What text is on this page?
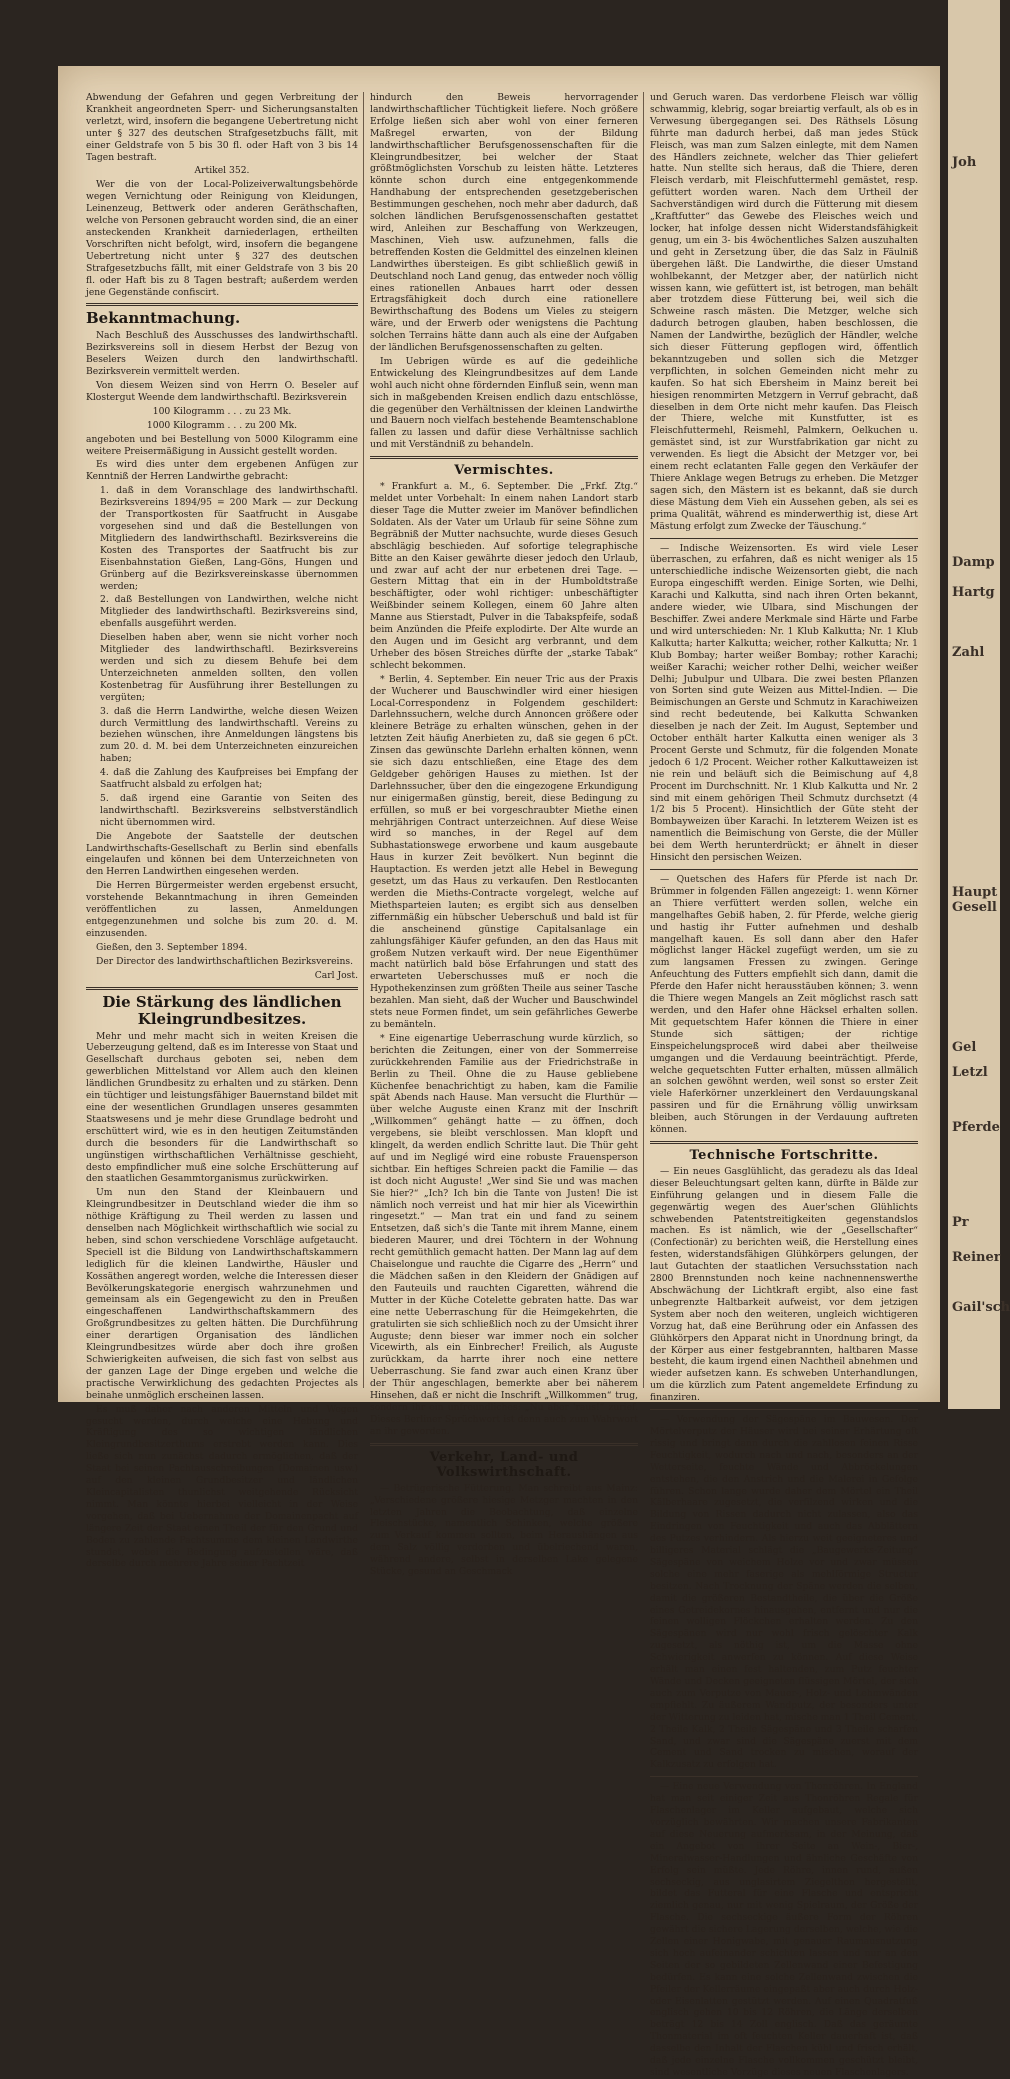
Abwendung der Gefahren und gegen Verbreitung der Krankheit angeordneten Sperr- und Sicherungsanstalten verletzt, wird, insofern die begangene Uebertretung nicht unter § 327 des deutschen Strafgesetzbuchs fällt, mit einer Geldstrafe von 5 bis 30 fl. oder Haft von 3 bis 14 Tagen bestraft.

Artikel 352.

Wer die von der Local-Polizeiverwaltungsbehörde wegen Vernichtung oder Reinigung von Kleidungen, Leinenzeug, Bettwerk oder anderen Geräthschaften, welche von Personen gebraucht worden sind, die an einer ansteckenden Krankheit darniederlagen, ertheilten Vorschriften nicht befolgt, wird, insofern die begangene Uebertretung nicht unter § 327 des deutschen Strafgesetzbuchs fällt, mit einer Geldstrafe von 3 bis 20 fl. oder Haft bis zu 8 Tagen bestraft; außerdem werden jene Gegenstände confiscirt.

Bekanntmachung.

Nach Beschluß des Ausschusses des landwirthschaftl. Bezirksvereins soll in diesem Herbst der Bezug von Beselers Weizen durch den landwirthschaftl. Bezirksverein vermittelt werden.

Von diesem Weizen sind von Herrn O. Beseler auf Klostergut Weende dem landwirthschaftl. Bezirksverein

100 Kilogramm . . . zu 23 Mk.

1000 Kilogramm . . . zu 200 Mk.

angeboten und bei Bestellung von 5000 Kilogramm eine weitere Preisermäßigung in Aussicht gestellt worden.

Es wird dies unter dem ergebenen Anfügen zur Kenntniß der Herren Landwirthe gebracht:

1. daß in dem Voranschlage des landwirthschaftl. Bezirksvereins 1894/95 = 200 Mark — zur Deckung der Transportkosten für Saatfrucht in Ausgabe vorgesehen sind und daß die Bestellungen von Mitgliedern des landwirthschaftl. Bezirksvereins die Kosten des Transportes der Saatfrucht bis zur Eisenbahnstation Gießen, Lang-Göns, Hungen und Grünberg auf die Bezirksvereinskasse übernommen werden;

2. daß Bestellungen von Landwirthen, welche nicht Mitglieder des landwirthschaftl. Bezirksvereins sind, ebenfalls ausgeführt werden.

Dieselben haben aber, wenn sie nicht vorher noch Mitglieder des landwirthschaftl. Bezirksvereins werden und sich zu diesem Behufe bei dem Unterzeichneten anmelden sollten, den vollen Kostenbetrag für Ausführung ihrer Bestellungen zu vergüten;

3. daß die Herrn Landwirthe, welche diesen Weizen durch Vermittlung des landwirthschaftl. Vereins zu beziehen wünschen, ihre Anmeldungen längstens bis zum 20. d. M. bei dem Unterzeichneten einzureichen haben;

4. daß die Zahlung des Kaufpreises bei Empfang der Saatfrucht alsbald zu erfolgen hat;

5. daß irgend eine Garantie von Seiten des landwirthschaftl. Bezirksvereins selbstverständlich nicht übernommen wird.

Die Angebote der Saatstelle der deutschen Landwirthschafts-Gesellschaft zu Berlin sind ebenfalls eingelaufen und können bei dem Unterzeichneten von den Herren Landwirthen eingesehen werden.

Die Herren Bürgermeister werden ergebenst ersucht, vorstehende Bekanntmachung in ihren Gemeinden veröffentlichen zu lassen, Anmeldungen entgegenzunehmen und solche bis zum 20. d. M. einzusenden.

Gießen, den 3. September 1894.

Der Director des landwirthschaftlichen Bezirksvereins.

Carl Jost.

Die Stärkung des ländlichen Kleingrundbesitzes.

Mehr und mehr macht sich in weiten Kreisen die Ueberzeugung geltend, daß es im Interesse von Staat und Gesellschaft durchaus geboten sei, neben dem gewerblichen Mittelstand vor Allem auch den kleinen ländlichen Grundbesitz zu erhalten und zu stärken. Denn ein tüchtiger und leistungsfähiger Bauernstand bildet mit eine der wesentlichen Grundlagen unseres gesammten Staatswesens und je mehr diese Grundlage bedroht und erschüttert wird, wie es in den heutigen Zeitumständen durch die besonders für die Landwirthschaft so ungünstigen wirthschaftlichen Verhältnisse geschieht, desto empfindlicher muß eine solche Erschütterung auf den staatlichen Gesammtorganismus zurückwirken.

Um nun den Stand der Kleinbauern und Kleingrundbesitzer in Deutschland wieder die ihm so nöthige Kräftigung zu Theil werden zu lassen und denselben nach Möglichkeit wirthschaftlich wie social zu heben, sind schon verschiedene Vorschläge aufgetaucht. Speciell ist die Bildung von Landwirthschaftskammern lediglich für die kleinen Landwirthe, Häusler und Kossäthen angeregt worden, welche die Interessen dieser Bevölkerungskategorie energisch wahrzunehmen und gemeinsam als ein Gegengewicht zu den in Preußen eingeschaffenen Landwirthschaftskammern des Großgrundbesitzes zu gelten hätten. Die Durchführung einer derartigen Organisation des ländlichen Kleingrundbesitzes würde aber doch ihre großen Schwierigkeiten aufweisen, die sich fast von selbst aus der ganzen Lage der Dinge ergeben und welche die practische Verwirklichung des gedachten Projectes als beinahe unmöglich erscheinen lassen.

Es muß daher nach anderen Mitteln und Wegen gesucht werden, durch welche eine Hebung und Kräftigung des so wichtigen ländlichen Kleingrundbesitzerthums erstrebt werden kann. Dies ließe sich nun zunächst dadurch ermöglichen, daß der Staat bei seinen Pachtausschreibungen (Domainen usw.) auf den kleinen Grundbesitzer und ländlichen Kleincapitalisten thunlichst weitgehende Rücksicht nimmt. Man könnte hierbei vielleicht in der Weise vorgehen, daß bei Uebernahme der Domainenpacht auf längere Zeit der Staat einen Theil der für den Grund und Boden zu zahlende Pachtsumme dem kleinen Landwirthe stundet, wobei die Bedingung aufzustellen wäre, daß derselbe durch mehrere Jahre seiner Pachtzeit

hindurch den Beweis hervorragender landwirthschaftlicher Tüchtigkeit liefere. Noch größere Erfolge ließen sich aber wohl von einer ferneren Maßregel erwarten, von der Bildung landwirthschaftlicher Berufsgenossenschaften für die Kleingrundbesitzer, bei welcher der Staat größtmöglichsten Vorschub zu leisten hätte. Letzteres könnte schon durch eine entgegenkommende Handhabung der entsprechenden gesetzgeberischen Bestimmungen geschehen, noch mehr aber dadurch, daß solchen ländlichen Berufsgenossenschaften gestattet wird, Anleihen zur Beschaffung von Werkzeugen, Maschinen, Vieh usw. aufzunehmen, falls die betreffenden Kosten die Geldmittel des einzelnen kleinen Landwirthes übersteigen. Es gibt schließlich gewiß in Deutschland noch Land genug, das entweder noch völlig eines rationellen Anbaues harrt oder dessen Ertragsfähigkeit doch durch eine rationellere Bewirthschaftung des Bodens um Vieles zu steigern wäre, und der Erwerb oder wenigstens die Pachtung solchen Terrains hätte dann auch als eine der Aufgaben der ländlichen Berufsgenossenschaften zu gelten.

Im Uebrigen würde es auf die gedeihliche Entwickelung des Kleingrundbesitzes auf dem Lande wohl auch nicht ohne fördernden Einfluß sein, wenn man sich in maßgebenden Kreisen endlich dazu entschlösse, die gegenüber den Verhältnissen der kleinen Landwirthe und Bauern noch vielfach bestehende Beamtenschablone fallen zu lassen und dafür diese Verhältnisse sachlich und mit Verständniß zu behandeln.

Vermischtes.

* Frankfurt a. M., 6. September. Die „Frkf. Ztg.“ meldet unter Vorbehalt: In einem nahen Landort starb dieser Tage die Mutter zweier im Manöver befindlichen Soldaten. Als der Vater um Urlaub für seine Söhne zum Begräbniß der Mutter nachsuchte, wurde dieses Gesuch abschlägig beschieden. Auf sofortige telegraphische Bitte an den Kaiser gewährte dieser jedoch den Urlaub, und zwar auf acht der nur erbetenen drei Tage. — Gestern Mittag that ein in der Humboldtstraße beschäftigter, oder wohl richtiger: unbeschäftigter Weißbinder seinem Kollegen, einem 60 Jahre alten Manne aus Stierstadt, Pulver in die Tabakspfeife, sodaß beim Anzünden die Pfeife explodirte. Der Alte wurde an den Augen und im Gesicht arg verbrannt, und dem Urheber des bösen Streiches dürfte der „starke Tabak“ schlecht bekommen.

* Berlin, 4. September. Ein neuer Tric aus der Praxis der Wucherer und Bauschwindler wird einer hiesigen Local-Correspondenz in Folgendem geschildert: Darlehnssuchern, welche durch Annoncen größere oder kleinere Beträge zu erhalten wünschen, gehen in der letzten Zeit häufig Anerbieten zu, daß sie gegen 6 pCt. Zinsen das gewünschte Darlehn erhalten können, wenn sie sich dazu entschließen, eine Etage des dem Geldgeber gehörigen Hauses zu miethen. Ist der Darlehnssucher, über den die eingezogene Erkundigung nur einigermaßen günstig, bereit, diese Bedingung zu erfüllen, so muß er bei vorgeschraubter Miethe einen mehrjährigen Contract unterzeichnen. Auf diese Weise wird so manches, in der Regel auf dem Subhastationswege erworbene und kaum ausgebaute Haus in kurzer Zeit bevölkert. Nun beginnt die Hauptaction. Es werden jetzt alle Hebel in Bewegung gesetzt, um das Haus zu verkaufen. Den Restlocanten werden die Mieths-Contracte vorgelegt, welche auf Miethsparteien lauten; es ergibt sich aus denselben ziffernmäßig ein hübscher Ueberschuß und bald ist für die anscheinend günstige Capitalsanlage ein zahlungsfähiger Käufer gefunden, an den das Haus mit großem Nutzen verkauft wird. Der neue Eigenthümer macht natürlich bald böse Erfahrungen und statt des erwarteten Ueberschusses muß er noch die Hypothekenzinsen zum größten Theile aus seiner Tasche bezahlen. Man sieht, daß der Wucher und Bauschwindel stets neue Formen findet, um sein gefährliches Gewerbe zu bemänteln.

* Eine eigenartige Ueberraschung wurde kürzlich, so berichten die Zeitungen, einer von der Sommerreise zurückkehrenden Familie aus der Friedrichstraße in Berlin zu Theil. Ohne die zu Hause gebliebene Küchenfee benachrichtigt zu haben, kam die Familie spät Abends nach Hause. Man versucht die Flurthür — über welche Auguste einen Kranz mit der Inschrift „Willkommen“ gehängt hatte — zu öffnen, doch vergebens, sie bleibt verschlossen. Man klopft und klingelt, da werden endlich Schritte laut. Die Thür geht auf und im Negligé wird eine robuste Frauensperson sichtbar. Ein heftiges Schreien packt die Familie — das ist doch nicht Auguste! „Wer sind Sie und was machen Sie hier?“ „Ich? Ich bin die Tante von Justen! Die ist nämlich noch verreist und hat mir hier als Vicewirthin ringesetzt.“ — Man trat ein und fand zu seinem Entsetzen, daß sich's die Tante mit ihrem Manne, einem biederen Maurer, und drei Töchtern in der Wohnung recht gemüthlich gemacht hatten. Der Mann lag auf dem Chaiselongue und rauchte die Cigarre des „Herrn“ und die Mädchen saßen in den Kleidern der Gnädigen auf den Fauteuils und rauchten Cigaretten, während die Mutter in der Küche Cotelette gebraten hatte. Das war eine nette Ueberraschung für die Heimgekehrten, die gratulirten sie sich schließlich noch zu der Umsicht ihrer Auguste; denn bieser war immer noch ein solcher Vicewirth, als ein Einbrecher! Freilich, als Auguste zurückkam, da harrte ihrer noch eine nettere Ueberraschung. Sie fand zwar auch einen Kranz über der Thür angeschlagen, bemerkte aber bei näherem Hinsehen, daß er nicht die Inschrift „Willkommen“ trug, sondern ihr ein unfreundliches: „Nu aber 'raus!“ zurief. Dieses Berliner Sprüchwort ist denn auch zum Wahrwort an ihr geworden.

Verkehr, Land- und Volkswirthschaft.

— Betrügerische Fütterung. Man schreibt aus Mainz: „Verschiedene größere hiesige Metzger machten in den letzten Jahren die Beobachtung, daß einzelne Fleischstücke, namentlich Schinken, welche größere zum Verkauf kommen sollten, beim Heraushängen aus dem Salz völlig verdorben und übelriechend waren, während andere, selbst in derselben Lake gelegene Stücke, gesund an Geschmack

und Geruch waren. Das verdorbene Fleisch war völlig schwammig, klebrig, sogar breiartig verfault, als ob es in Verwesung übergegangen sei. Des Räthsels Lösung führte man dadurch herbei, daß man jedes Stück Fleisch, was man zum Salzen einlegte, mit dem Namen des Händlers zeichnete, welcher das Thier geliefert hatte. Nun stellte sich heraus, daß die Thiere, deren Fleisch verdarb, mit Fleischfuttermehl gemästet, resp. gefüttert worden waren. Nach dem Urtheil der Sachverständigen wird durch die Fütterung mit diesem „Kraftfutter“ das Gewebe des Fleisches weich und locker, hat infolge dessen nicht Widerstandsfähigkeit genug, um ein 3- bis 4wöchentliches Salzen auszuhalten und geht in Zersetzung über, die das Salz in Fäulniß übergehen läßt. Die Landwirthe, die dieser Umstand wohlbekannt, der Metzger aber, der natürlich nicht wissen kann, wie gefüttert ist, ist betrogen, man behält aber trotzdem diese Fütterung bei, weil sich die Schweine rasch mästen. Die Metzger, welche sich dadurch betrogen glauben, haben beschlossen, die Namen der Landwirthe, bezüglich der Händler, welche sich dieser Fütterung gepflogen wird, öffentlich bekanntzugeben und sollen sich die Metzger verpflichten, in solchen Gemeinden nicht mehr zu kaufen. So hat sich Ebersheim in Mainz bereit bei hiesigen renommirten Metzgern in Verruf gebracht, daß dieselben in dem Orte nicht mehr kaufen. Das Fleisch der Thiere, welche mit Kunstfutter, ist es Fleischfuttermehl, Reismehl, Palmkern, Oelkuchen u. gemästet sind, ist zur Wurstfabrikation gar nicht zu verwenden. Es liegt die Absicht der Metzger vor, bei einem recht eclatanten Falle gegen den Verkäufer der Thiere Anklage wegen Betrugs zu erheben. Die Metzger sagen sich, den Mästern ist es bekannt, daß sie durch diese Mästung dem Vieh ein Aussehen geben, als sei es prima Qualität, während es minderwerthig ist, diese Art Mästung erfolgt zum Zwecke der Täuschung.“

— Indische Weizensorten. Es wird viele Leser überraschen, zu erfahren, daß es nicht weniger als 15 unterschiedliche indische Weizensorten giebt, die nach Europa eingeschifft werden. Einige Sorten, wie Delhi, Karachi und Kalkutta, sind nach ihren Orten bekannt, andere wieder, wie Ulbara, sind Mischungen der Beschiffer. Zwei andere Merkmale sind Härte und Farbe und wird unterschieden: Nr. 1 Klub Kalkutta; Nr. 1 Klub Kalkutta; harter Kalkutta; weicher, rother Kalkutta; Nr. 1 Klub Bombay; harter weißer Bombay; rother Karachi; weißer Karachi; weicher rother Delhi, weicher weißer Delhi; Jubulpur und Ulbara. Die zwei besten Pflanzen von Sorten sind gute Weizen aus Mittel-Indien. — Die Beimischungen an Gerste und Schmutz in Karachiweizen sind recht bedeutende, bei Kalkutta Schwanken dieselben je nach der Zeit. Im August, September und October enthält harter Kalkutta einen weniger als 3 Procent Gerste und Schmutz, für die folgenden Monate jedoch 6 1/2 Procent. Weicher rother Kalkuttaweizen ist nie rein und beläuft sich die Beimischung auf 4,8 Procent im Durchschnitt. Nr. 1 Klub Kalkutta und Nr. 2 sind mit einem gehörigen Theil Schmutz durchsetzt (4 1/2 bis 5 Procent). Hinsichtlich der Güte steht der Bombayweizen über Karachi. In letzterem Weizen ist es namentlich die Beimischung von Gerste, die der Müller bei dem Werth herunterdrückt; er ähnelt in dieser Hinsicht den persischen Weizen.

— Quetschen des Hafers für Pferde ist nach Dr. Brümmer in folgenden Fällen angezeigt: 1. wenn Körner an Thiere verfüttert werden sollen, welche ein mangelhaftes Gebiß haben, 2. für Pferde, welche gierig und hastig ihr Futter aufnehmen und deshalb mangelhaft kauen. Es soll dann aber den Hafer möglichst langer Häckel zugefügt werden, um sie zu zum langsamen Fressen zu zwingen. Geringe Anfeuchtung des Futters empfiehlt sich dann, damit die Pferde den Hafer nicht herausstäuben können; 3. wenn die Thiere wegen Mangels an Zeit möglichst rasch satt werden, und den Hafer ohne Häcksel erhalten sollen. Mit gequetschtem Hafer können die Thiere in einer Stunde sich sättigen; der richtige Einspeichelungsproceß wird dabei aber theilweise umgangen und die Verdauung beeinträchtigt. Pferde, welche gequetschten Futter erhalten, müssen allmälich an solchen gewöhnt werden, weil sonst so erster Zeit viele Haferkörner unzerkleinert den Verdauungskanal passiren und für die Ernährung völlig unwirksam bleiben, auch Störungen in der Verdauung auftreten können.

Technische Fortschritte.

— Ein neues Gasglühlicht, das geradezu als das Ideal dieser Beleuchtungsart gelten kann, dürfte in Bälde zur Einführung gelangen und in diesem Falle die gegenwärtig wegen des Auer'schen Glühlichts schwebenden Patentstreitigkeiten gegenstandslos machen. Es ist nämlich, wie der „Gesellschafter“ (Confectionär) zu berichten weiß, die Herstellung eines festen, widerstandsfähigen Glühkörpers gelungen, der laut Gutachten der staatlichen Versuchsstation nach 2800 Brennstunden noch keine nachnennenswerthe Abschwächung der Lichtkraft ergibt, also eine fast unbegrenzte Haltbarkeit aufweist, vor dem jetzigen System aber noch den weiteren, ungleich wichtigeren Vorzug hat, daß eine Berührung oder ein Anfassen des Glühkörpers den Apparat nicht in Unordnung bringt, da der Körper aus einer festgebrannten, haltbaren Masse besteht, die kaum irgend einen Nachtheil abnehmen und wieder aufsetzen kann. Es schweben Unterhandlungen, um die kürzlich zum Patent angemeldete Erfindung zu finanziren.

— Verwendung der Sägespäne im Bauwesen. Der Mörtelverputz der Häuser wird bei seiner Erhärtung oft rissig und bringt dann durch die zahllosen feinen Risse Feuchtigkeit, wodurch nach und nach, besonders an der Wetterseite, feuchte Wände und Abbröckelungen entstehen, die den Anstrich und die Malerei in Gefolge führen. Schon lange wurde daher dem Mörtel ein Theil Kälberhaare zugesetzt, die verfilzend wirken und die Bildung von Rissen dadurch nicht zulassen, also das Eindringen von Feuchtigkeit und auch das Abblättern des Putzes verhindern. Als hierzu weit geeigneteres und billigeres Material schlägt die „Baugewerks-Zeitung“ Sägespäne von weichem Holze vor und zwar müssen solche eine mehr faserige als mehlförmige Structur besitzen. Nach Trocknung der Späne werden die selben, damit die größeren Bestandtheile, die über die Größe eines Getreidekornes hinausgehen, entfernt und nur die feinen wolligen Flöckchen erhalten werden. Zu den Sägespänen wird nur wohl frisch gelöschter Kalk zugesetzt, als nöthig ist, um die Masse ohne Schwierigkeit anwerfen zu können. Auf diese Weise erhält man einen fest haltenden, zum Putz feuchter Wände und Decken geeigneten flüssigen Mörtel, der sich auch zum Verputze von Mauer-, Holz- und Lehmwänden empfiehlt. Zu äußerem Wandputz, der besonders unter der Witterung zu leiden hat, mische man 1 Theil Cement, 2 Theile Kalk, 2 Theile Sägespäne und 3 Theile scharfen Sand, und zwar sind die Sägespäne zuerst mit dem Cement und Sand trocken zu mischen, worauf der Kalkzusatz zu erfolgen hat.

— Eine neue Verwendung von Thonröhren. In England hat man seit einiger Zeit aus Thonröhren Regale für Flaschenlager im Keller aufgebaut, welche sich vorzüglich bewährten. Wir machen unsere Fabrikanten auf diese Neuerung aufmerksam, in der Meinung, daß ein Angebot von ihrer Seite an Wein-, Bier-, Mineralwasser-Handlungen und ähnliche Geschäfte von Erfolg sein müßte. Jede Röhre, innen rund, außen sechseckig, aus unglasirtem Ziegelthon hergestellt, bildet das Futteral für eine Flasche und entspricht ziemlich genau, nur mit wenig Spielraum, der Größe der Flasche. Die sechseckige äußere Form der Röhren gewährt die sichere Lagerung derselben, welche, wie die Zellen einer Honigwabe, mit genauer Raumausnutzung sich hoch aufeinander schichten lassen und nur an den Seiten der so gebildeten Zellenwand einer Befestigung bedürfen. Es kann eine solche Zellenwand zwischen die Pfeiler der Kellerräume eingepaßt aber auch durch Holz- oder Eisenlatten gestützt werden. Auf einen Quadratfuß englisch gehen 10 bis 12 Röhren, die Länge derselben beträgt 12 bis 14 Zoll englisch. Daß das geräumte Thonmaterial im oft feuchten Keller dauerhaft ist, daß dasselbe den Inhalt der Flaschen kühl und frisch erhält, daß jede einzelne Flasche vollkommen geschützt bleibt, sind wesentliche Vorzüge dieses neuen Flaschenlagers.

Joh
Damp
Hartg
Zahl
Haupt
Gesell
Gel
Letzl
Pferde
Pr
Reiner
Gail'sch
